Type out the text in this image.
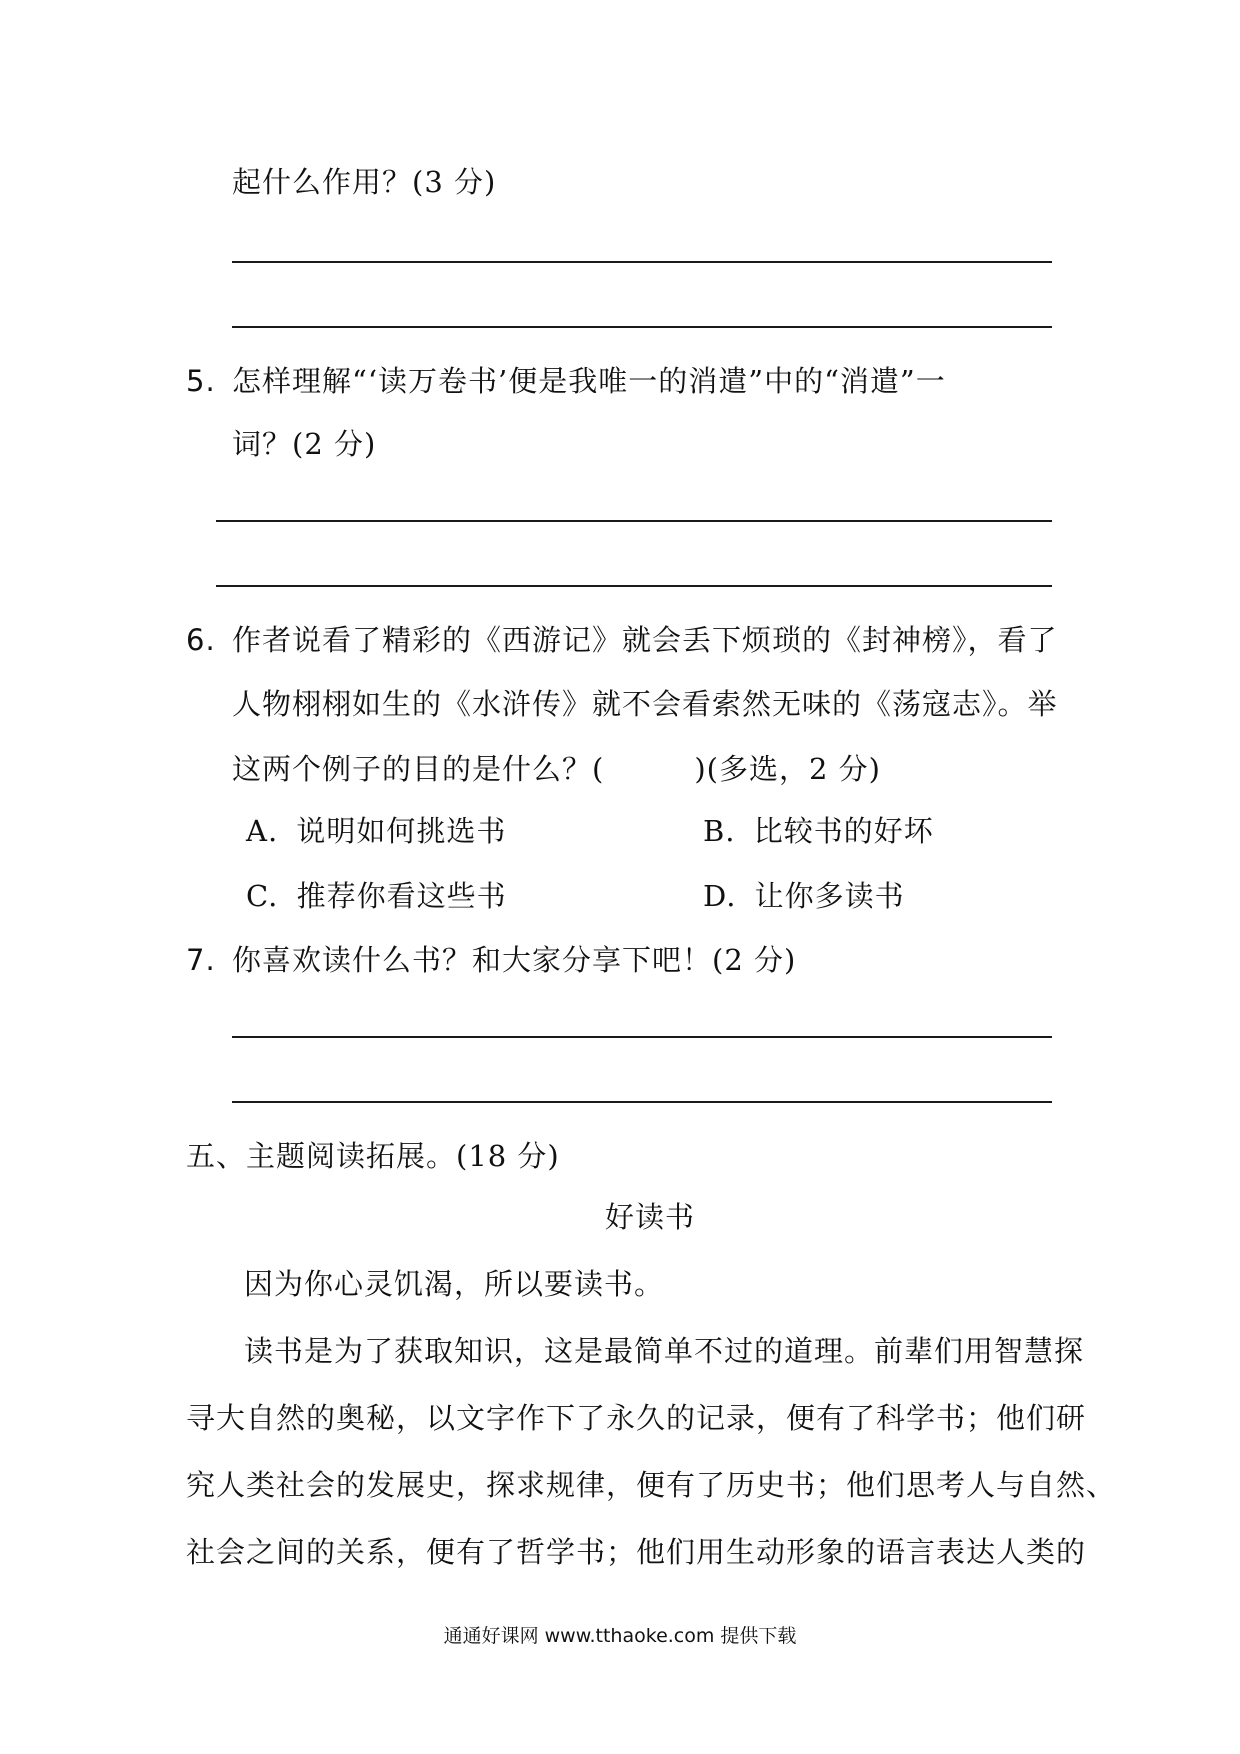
起什么作用？(3 分)
5. 怎样理解“‘读万卷书’便是我唯一的消遣”中的“消遣”一
词？(2 分)
6. 作者说看了精彩的《西游记》就会丢下烦琐的《封神榜》，看了
人物栩栩如生的《水浒传》就不会看索然无味的《荡寇志》。举
这两个例子的目的是什么？(　　　)(多选，2 分)
A. 说明如何挑选书	B. 比较书的好坏
C. 推荐你看这些书	D. 让你多读书
7. 你喜欢读什么书？和大家分享下吧！(2 分)
五、主题阅读拓展。(18 分)
好读书
因为你心灵饥渴，所以要读书。
读书是为了获取知识，这是最简单不过的道理。前辈们用智慧探
寻大自然的奥秘，以文字作下了永久的记录，便有了科学书；他们研
究人类社会的发展史，探求规律，便有了历史书；他们思考人与自然、
社会之间的关系，便有了哲学书；他们用生动形象的语言表达人类的
通通好课网 www.tthaoke.com 提供下载
